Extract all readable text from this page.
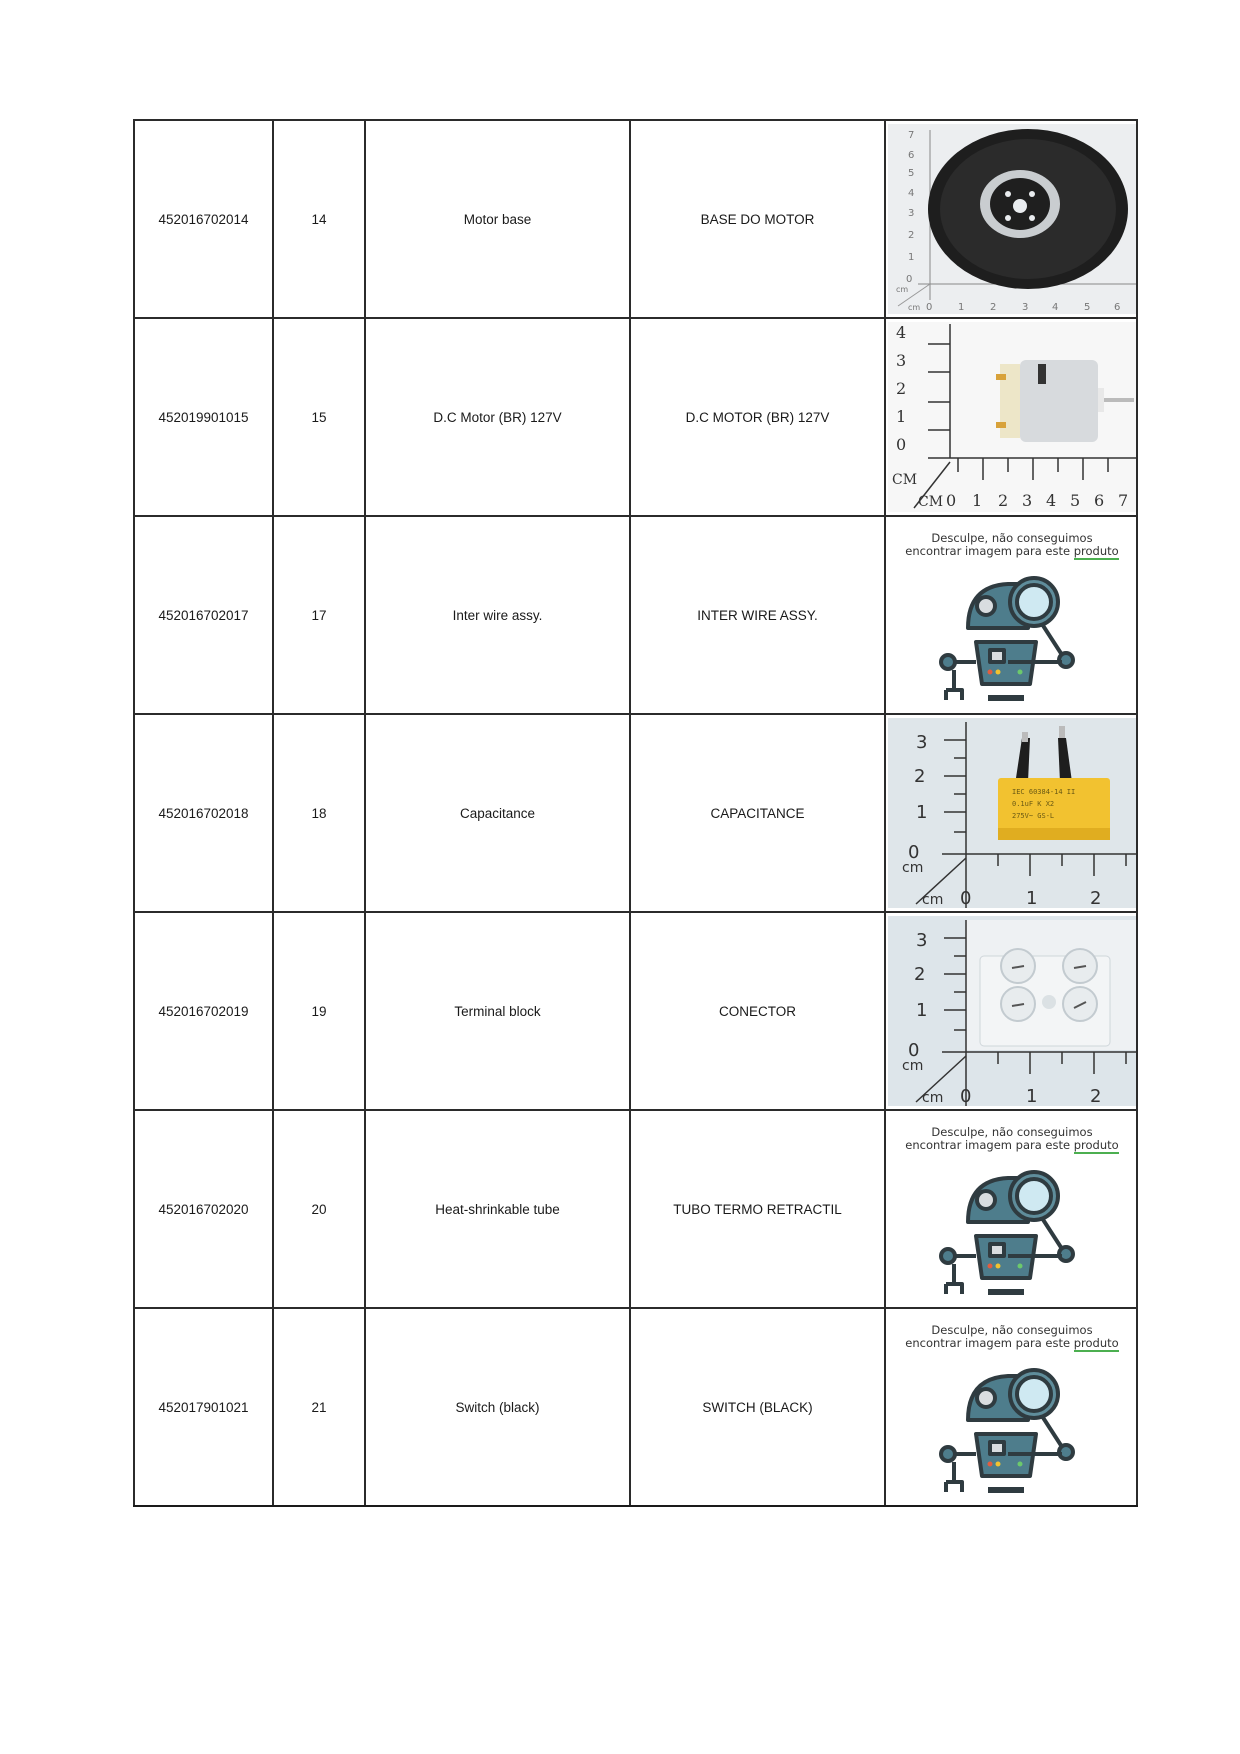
452016702014	14	Motor base	BASE DO MOTOR	
7
6
5
4
3
2
1
0
cm
cm 0	1	2	3 4	5 6

452019901015	15	D.C Motor (BR) 127V	D.C MOTOR (BR) 127V	
4
3
2
1
0
CM
CM 0 1 2 3 4 5 6 7

452016702017	17	Inter wire assy.	INTER WIRE ASSY.	Desculpe, não conseguimos
encontrar imagem para este produto

452016702018	18	Capacitance	CAPACITANCE	
3
2
1
0
cm
cm 0	1	2
IEC 60384-14 II
0.1uF K X2
275V~ GS-L

452016702019	19	Terminal block	CONECTOR	
3
2
1
0
cm
cm 0	1	2

452016702020	20	Heat-shrinkable tube	TUBO TERMO RETRACTIL	Desculpe, não conseguimos
encontrar imagem para este produto

452017901021	21	Switch (black)	SWITCH (BLACK)	Desculpe, não conseguimos
encontrar imagem para este produto
